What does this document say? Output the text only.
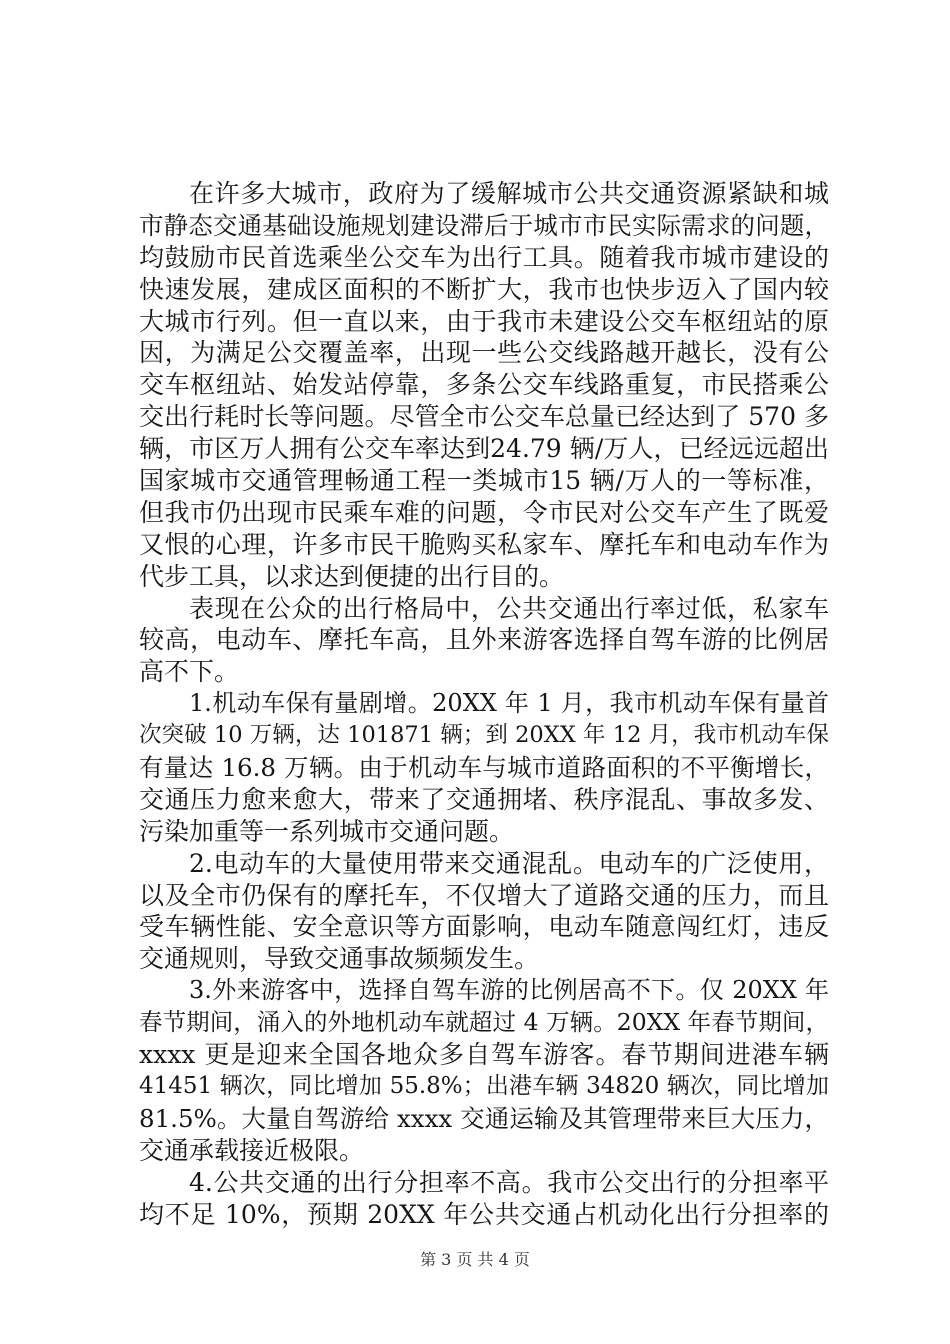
在许多大城市，政府为了缓解城市公共交通资源紧缺和城
市静态交通基础设施规划建设滞后于城市市民实际需求的问题，
均鼓励市民首选乘坐公交车为出行工具。随着我市城市建设的
快速发展，建成区面积的不断扩大，我市也快步迈入了国内较
大城市行列。但一直以来，由于我市未建设公交车枢纽站的原
因，为满足公交覆盖率，出现一些公交线路越开越长，没有公
交车枢纽站、始发站停靠，多条公交车线路重复，市民搭乘公
交出行耗时长等问题。尽管全市公交车总量已经达到了 570 多
辆，市区万人拥有公交车率达到24.79 辆/万人，已经远远超出
国家城市交通管理畅通工程一类城市15 辆/万人的一等标准，
但我市仍出现市民乘车难的问题，令市民对公交车产生了既爱
又恨的心理，许多市民干脆购买私家车、摩托车和电动车作为
代步工具，以求达到便捷的出行目的。
表现在公众的出行格局中，公共交通出行率过低，私家车
较高，电动车、摩托车高，且外来游客选择自驾车游的比例居
高不下。
1.机动车保有量剧增。20XX 年 1 月，我市机动车保有量首
次突破 10 万辆，达 101871 辆；到 20XX 年 12 月，我市机动车保
有量达 16.8 万辆。由于机动车与城市道路面积的不平衡增长，
交通压力愈来愈大，带来了交通拥堵、秩序混乱、事故多发、
污染加重等一系列城市交通问题。
2.电动车的大量使用带来交通混乱。电动车的广泛使用，
以及全市仍保有的摩托车，不仅增大了道路交通的压力，而且
受车辆性能、安全意识等方面影响，电动车随意闯红灯，违反
交通规则，导致交通事故频频发生。
3.外来游客中，选择自驾车游的比例居高不下。仅 20XX 年
春节期间，涌入的外地机动车就超过 4 万辆。20XX 年春节期间，
xxxx 更是迎来全国各地众多自驾车游客。春节期间进港车辆
41451 辆次，同比增加 55.8%；出港车辆 34820 辆次，同比增加
81.5%。大量自驾游给 xxxx 交通运输及其管理带来巨大压力，
交通承载接近极限。
4.公共交通的出行分担率不高。我市公交出行的分担率平
均不足 10%，预期 20XX 年公共交通占机动化出行分担率的
第 3 页 共 4 页
